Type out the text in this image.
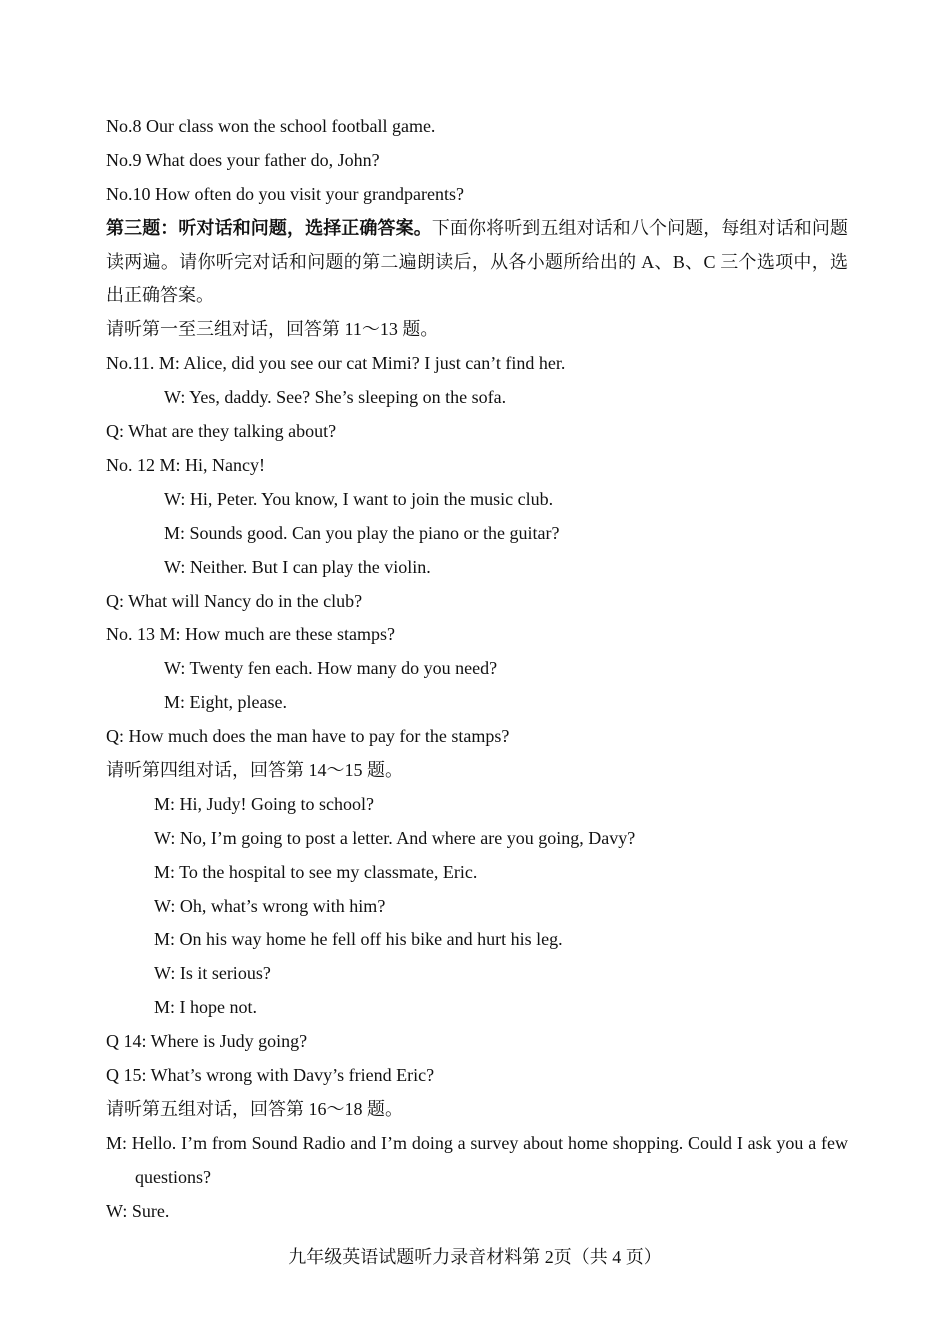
No.8 Our class won the school football game.
No.9 What does your father do, John?
No.10 How often do you visit your grandparents?
第三题：听对话和问题，选择正确答案。下面你将听到五组对话和八个问题，每组对话和问题读两遍。请你听完对话和问题的第二遍朗读后，从各小题所给出的 A、B、C 三个选项中，选出正确答案。
请听第一至三组对话，回答第 11～13 题。
No.11. M: Alice, did you see our cat Mimi? I just can’t find her.
W: Yes, daddy. See? She’s sleeping on the sofa.
Q: What are they talking about?
No. 12 M: Hi, Nancy!
W: Hi, Peter. You know, I want to join the music club.
M: Sounds good. Can you play the piano or the guitar?
W: Neither. But I can play the violin.
Q: What will Nancy do in the club?
No. 13 M: How much are these stamps?
W: Twenty fen each. How many do you need?
M: Eight, please.
Q: How much does the man have to pay for the stamps?
请听第四组对话，回答第 14～15 题。
M: Hi, Judy! Going to school?
W: No, I’m going to post a letter. And where are you going, Davy?
M: To the hospital to see my classmate, Eric.
W: Oh, what’s wrong with him?
M: On his way home he fell off his bike and hurt his leg.
W: Is it serious?
M: I hope not.
Q 14: Where is Judy going?
Q 15: What’s wrong with Davy’s friend Eric?
请听第五组对话，回答第 16～18 题。
M: Hello. I’m from Sound Radio and I’m doing a survey about home shopping. Could I ask you a few questions?
W: Sure.
九年级英语试题听力录音材料第 2页（共 4 页）
